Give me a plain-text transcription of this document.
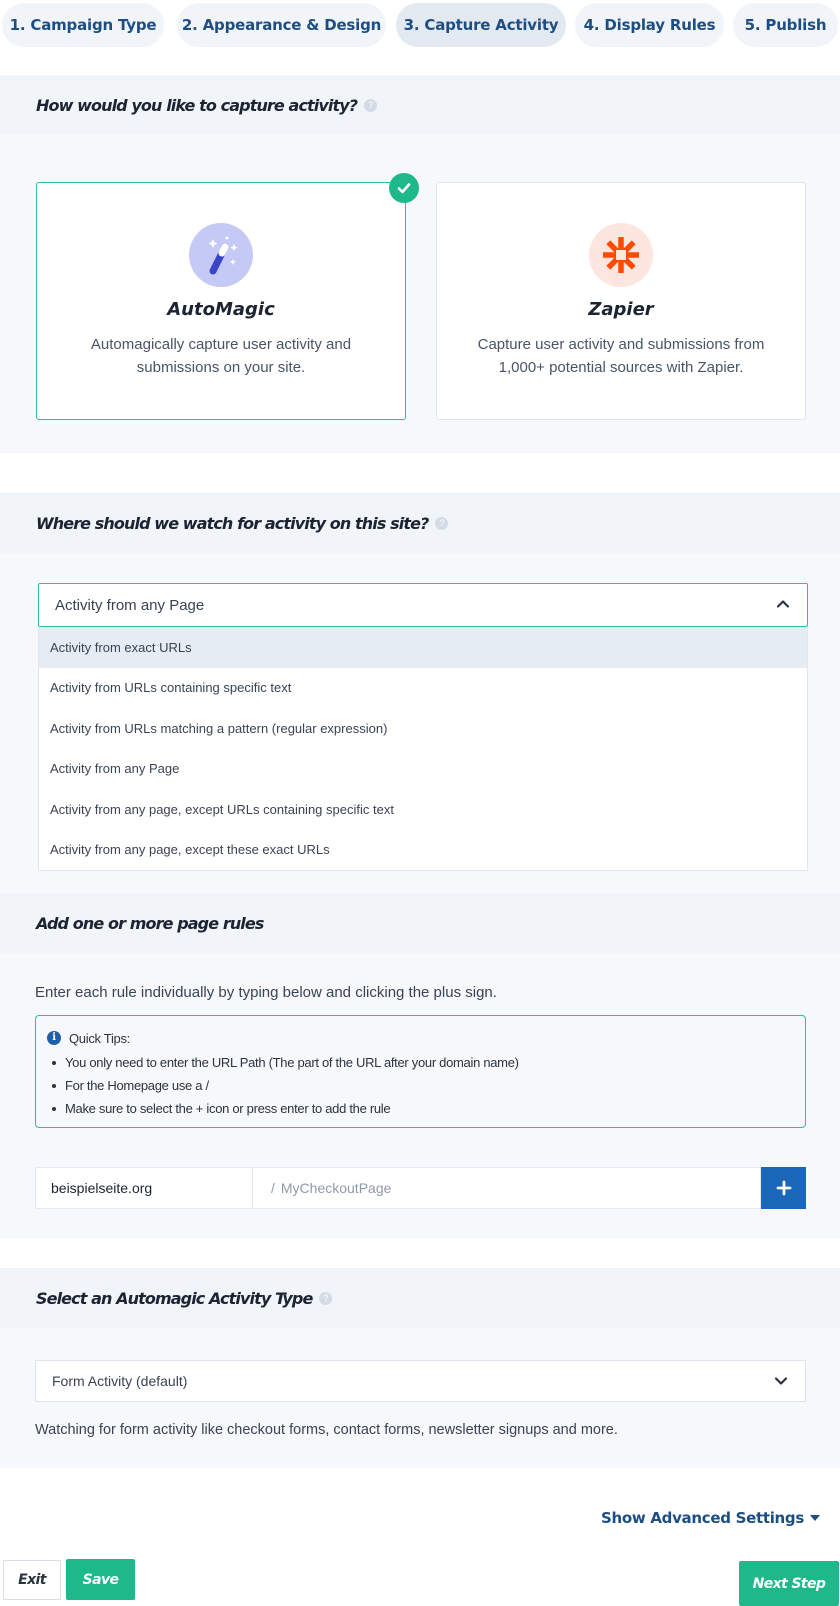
1. Campaign Type	2. Appearance & Design	3. Capture Activity	4. Display Rules	5. Publish
How would you like to capture activity?	?
AutoMagic
Automagically capture user activity and submissions on your site.
Zapier
Capture user activity and submissions from 1,000+ potential sources with Zapier.
Where should we watch for activity on this site?	?
Activity from any Page
Activity from exact URLs
Activity from URLs containing specific text
Activity from URLs matching a pattern (regular expression)
Activity from any Page
Activity from any page, except URLs containing specific text
Activity from any page, except these exact URLs
Add one or more page rules
Enter each rule individually by typing below and clicking the plus sign.
i	Quick Tips:
You only need to enter the URL Path (The part of the URL after your domain name)
For the Homepage use a /
Make sure to select the + icon or press enter to add the rule
beispielseite.org	/ MyCheckoutPage
Select an Automagic Activity Type	?
Form Activity (default)
Watching for form activity like checkout forms, contact forms, newsletter signups and more.
Show Advanced Settings
Exit	Save	Next Step
